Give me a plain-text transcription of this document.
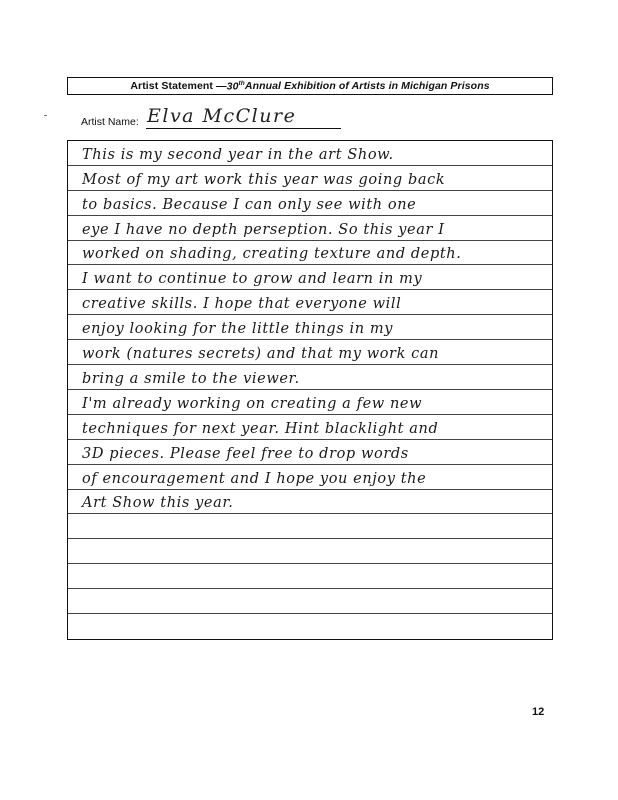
Artist Statement — 30th Annual Exhibition of Artists in Michigan Prisons
Artist Name: Elva McClure
This is my second year in the art Show.
Most of my art work this year was going back
to basics. Because I can only see with one
eye I have no depth perseption. So this year I
worked on shading, creating texture and depth.
I want to continue to grow and learn in my
creative skills. I hope that everyone will
enjoy looking for the little things in my
work (natures secrets) and that my work can
bring a smile to the viewer.
I'm already working on creating a few new
techniques for next year. Hint blacklight and
3D pieces. Please feel free to drop words
of encouragement and I hope you enjoy the
Art Show this year.
12
